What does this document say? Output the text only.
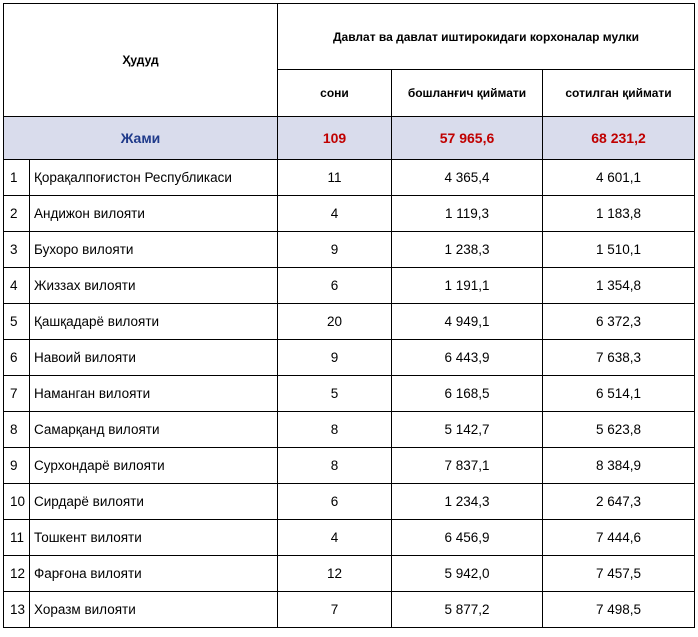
Ҳудуд		Давлат ва давлат иштирокидаги корхоналар мулки		
		сони	бошланғич қиймати	сотилган қиймати
Жами		109	57 965,6	68 231,2
1	Қорақалпоғистон Республикаси	11	4 365,4	4 601,1
2	Андижон вилояти	4	1 119,3	1 183,8
3	Бухоро вилояти	9	1 238,3	1 510,1
4	Жиззах вилояти	6	1 191,1	1 354,8
5	Қашқадарё вилояти	20	4 949,1	6 372,3
6	Навоий вилояти	9	6 443,9	7 638,3
7	Наманган вилояти	5	6 168,5	6 514,1
8	Самарқанд вилояти	8	5 142,7	5 623,8
9	Сурхондарё вилояти	8	7 837,1	8 384,9
10	Сирдарё вилояти	6	1 234,3	2 647,3
11	Тошкент вилояти	4	6 456,9	7 444,6
12	Фарғона вилояти	12	5 942,0	7 457,5
13	Хоразм вилояти	7	5 877,2	7 498,5
